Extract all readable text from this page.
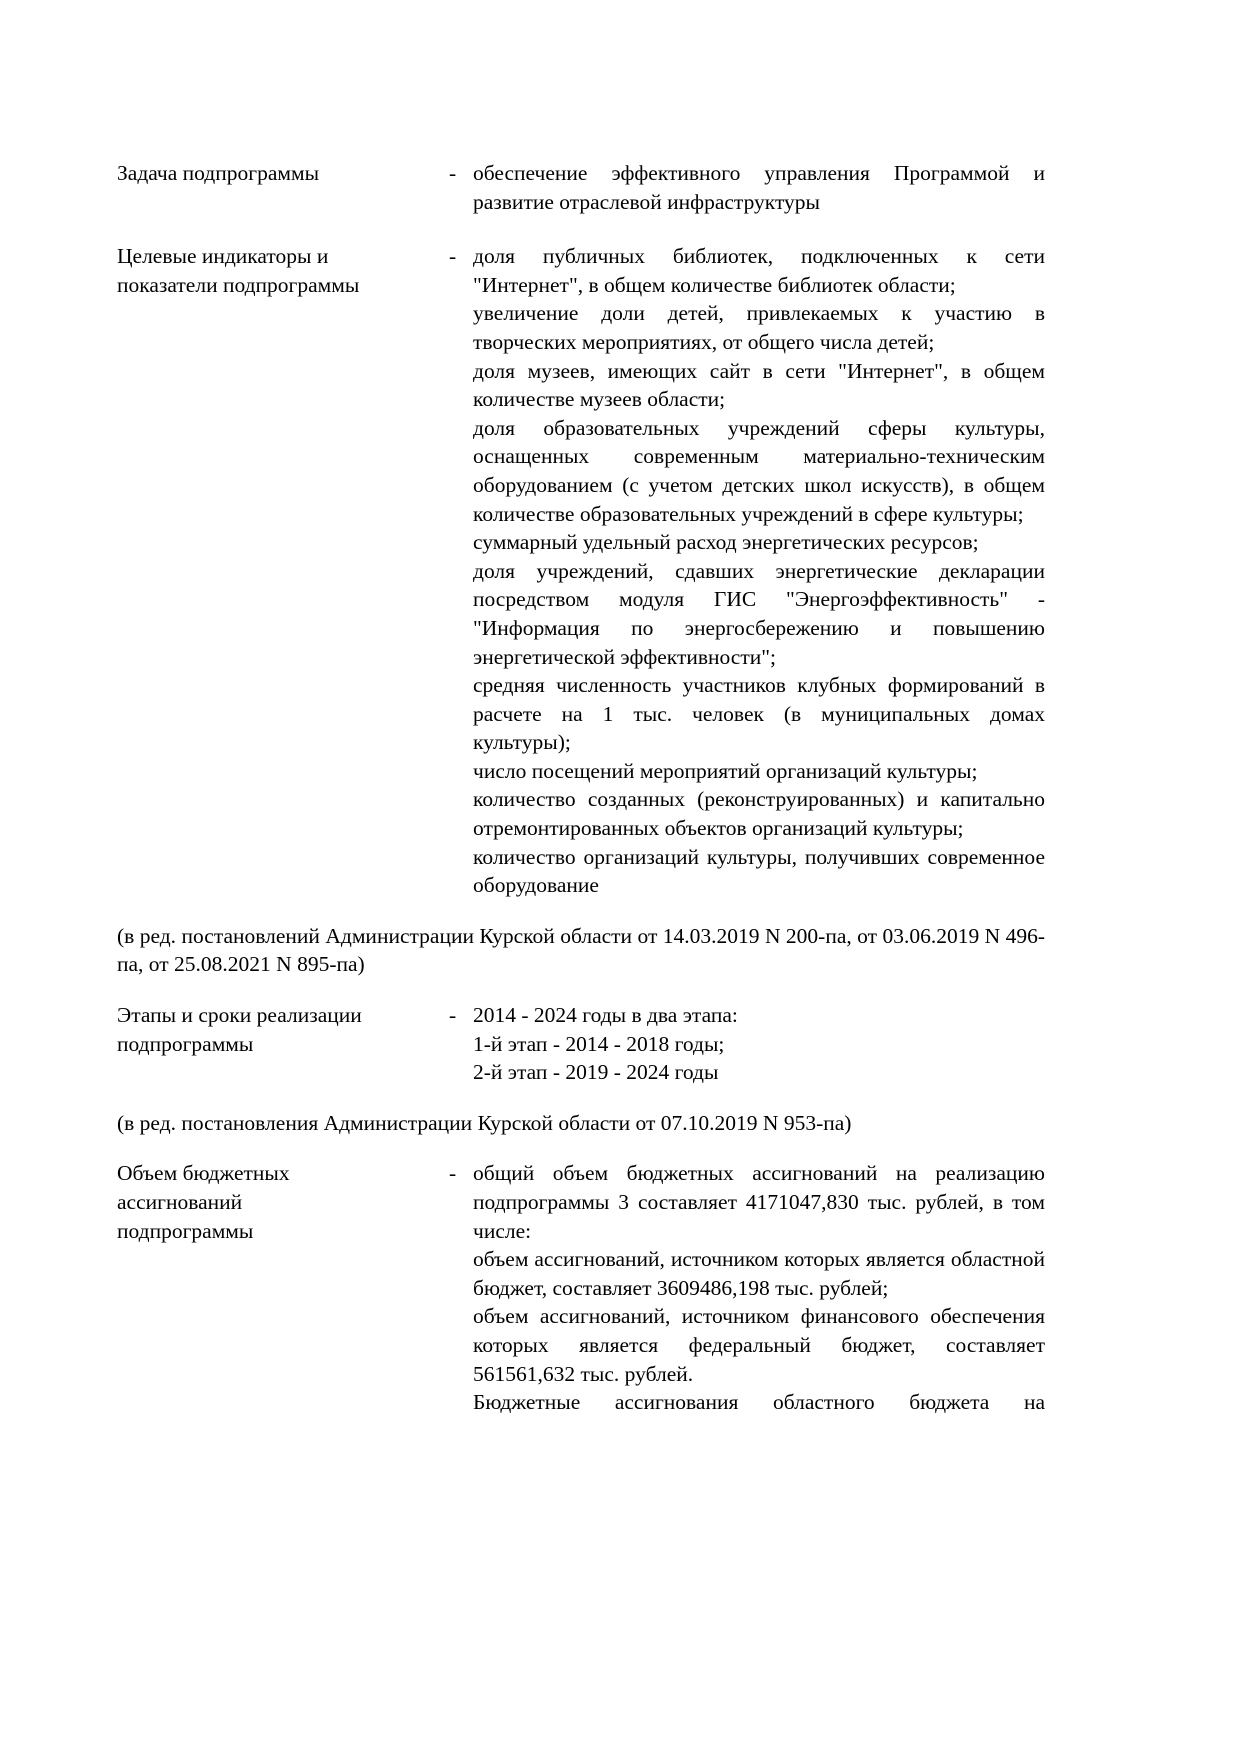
Задача подпрограммы	- обеспечение эффективного управления Программой и развитие отраслевой инфраструктуры
Целевые индикаторы и
показатели подпрограммы
- доля публичных библиотек, подключенных к сети "Интернет", в общем количестве библиотек области;
увеличение доли детей, привлекаемых к участию в творческих мероприятиях, от общего числа детей;
доля музеев, имеющих сайт в сети "Интернет", в общем количестве музеев области;
доля образовательных учреждений сферы культуры, оснащенных современным материально-техническим оборудованием (с учетом детских школ искусств), в общем количестве образовательных учреждений в сфере культуры;
суммарный удельный расход энергетических ресурсов;
доля учреждений, сдавших энергетические декларации посредством модуля ГИС "Энергоэффективность" - "Информация по энергосбережению и повышению энергетической эффективности";
средняя численность участников клубных формирований в расчете на 1 тыс. человек (в муниципальных домах культуры);
число посещений мероприятий организаций культуры;
количество созданных (реконструированных) и капитально отремонтированных объектов организаций культуры;
количество организаций культуры, получивших современное оборудование
(в ред. постановлений Администрации Курской области от 14.03.2019 N 200-па, от 03.06.2019 N 496-па, от 25.08.2021 N 895-па)
Этапы и сроки реализации
подпрограммы
- 2014 - 2024 годы в два этапа:
1-й этап - 2014 - 2018 годы;
2-й этап - 2019 - 2024 годы
(в ред. постановления Администрации Курской области от 07.10.2019 N 953-па)
Объем бюджетных
ассигнований
подпрограммы
- общий объем бюджетных ассигнований на реализацию подпрограммы 3 составляет 4171047,830 тыс. рублей, в том числе:
объем ассигнований, источником которых является областной бюджет, составляет 3609486,198 тыс. рублей;
объем ассигнований, источником финансового обеспечения которых является федеральный бюджет, составляет 561561,632 тыс. рублей.
Бюджетные ассигнования областного бюджета на
